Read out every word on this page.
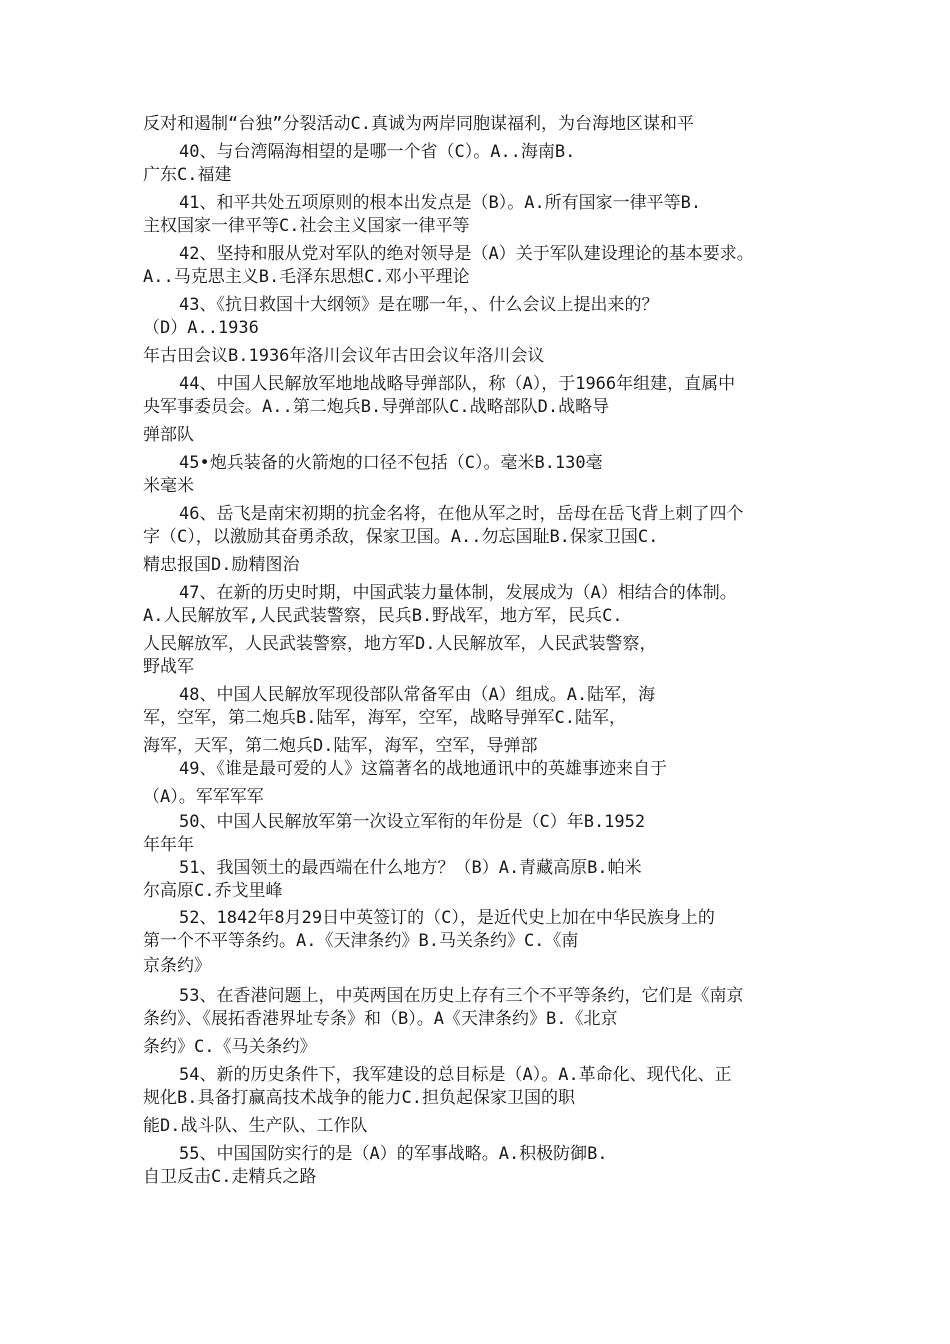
反对和遏制“台独”分裂活动C.真诚为两岸同胞谋福利，为台海地区谋和平
40、与台湾隔海相望的是哪一个省（C）。A..海南B.
广东C.福建
41、和平共处五项原则的根本出发点是（B）。A.所有国家一律平等B.
主权国家一律平等C.社会主义国家一律平等
42、坚持和服从党对军队的绝对领导是（A）关于军队建设理论的基本要求。
A..马克思主义B.毛泽东思想C.邓小平理论
43、《抗日救国十大纲领》是在哪一年，、什么会议上提出来的？
（D）A..1936
年古田会议B.1936年洛川会议年古田会议年洛川会议
44、中国人民解放军地地战略导弹部队，称（A），于1966年组建，直属中
央军事委员会。A..第二炮兵B.导弹部队C.战略部队D.战略导
弹部队
45•炮兵装备的火箭炮的口径不包括（C）。毫米B.130毫
米毫米
46、岳飞是南宋初期的抗金名将，在他从军之时，岳母在岳飞背上刺了四个
字（C），以激励其奋勇杀敌，保家卫国。A..勿忘国耻B.保家卫国C.
精忠报国D.励精图治
47、在新的历史时期，中国武装力量体制，发展成为（A）相结合的体制。
A.人民解放军,人民武装警察，民兵B.野战军，地方军，民兵C.
人民解放军，人民武装警察，地方军D.人民解放军，人民武装警察，
野战军
48、中国人民解放军现役部队常备军由（A）组成。A.陆军，海
军，空军，第二炮兵B.陆军，海军，空军，战略导弹军C.陆军，
海军，天军，第二炮兵D.陆军，海军，空军，导弹部
49、《谁是最可爱的人》这篇著名的战地通讯中的英雄事迹来自于
（A）。军军军军
50、中国人民解放军第一次设立军衔的年份是（C）年B.1952
年年年
51、我国领土的最西端在什么地方？（B）A.青藏高原B.帕米
尔高原C.乔戈里峰
52、1842年8月29日中英签订的（C），是近代史上加在中华民族身上的
第一个不平等条约。A.《天津条约》B.马关条约》C.《南
京条约》
53、在香港问题上，中英两国在历史上存有三个不平等条约，它们是《南京
条约》、《展拓香港界址专条》和（B）。A《天津条约》B.《北京
条约》C.《马关条约》
54、新的历史条件下，我军建设的总目标是（A）。A.革命化、现代化、正
规化B.具备打赢高技术战争的能力C.担负起保家卫国的职
能D.战斗队、生产队、工作队
55、中国国防实行的是（A）的军事战略。A.积极防御B.
自卫反击C.走精兵之路
